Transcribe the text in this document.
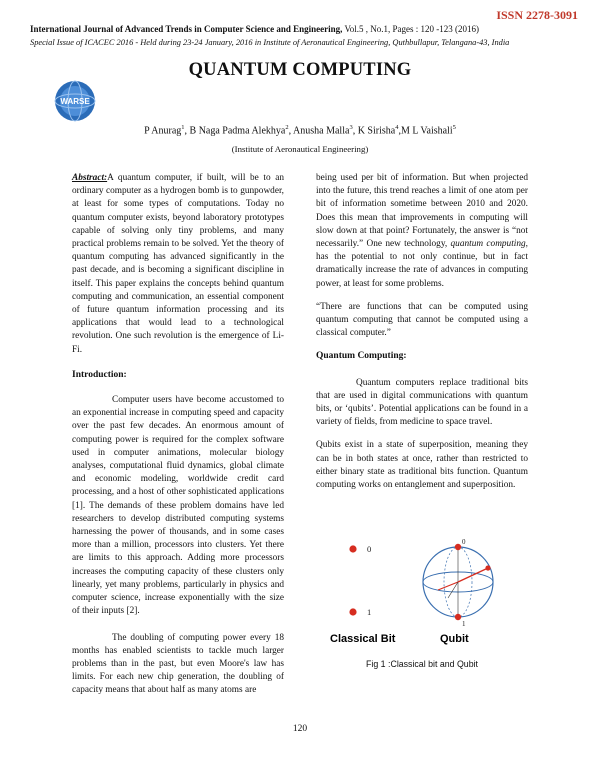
ISSN 2278-3091
International Journal of Advanced Trends in Computer Science and Engineering, Vol.5 , No.1, Pages : 120 -123 (2016)
Special Issue of ICACEC 2016 - Held during 23-24 January, 2016 in Institute of Aeronautical Engineering, Quthbullapur, Telangana-43, India
WARSE
QUANTUM COMPUTING
P Anurag$^1$, B Naga Padma Alekhya$^2$, Anusha Malla$^3$, K Sirisha$^4$,M L Vaishali$^5$
(Institute of Aeronautical Engineering)

Abstract:A quantum computer, if built, will be to an ordinary computer as a hydrogen bomb is to gunpowder, at least for some types of computations. Today no quantum computer exists, beyond laboratory prototypes capable of solving only tiny problems, and many practical problems remain to be solved. Yet the theory of quantum computing has advanced significantly in the past decade, and is becoming a significant discipline in itself. This paper explains the concepts behind quantum computing and communication, an essential component of future quantum information processing and its applications that would lead to a technological revolution. One such revolution is the emergence of Li-Fi.

Introduction:

Computer users have become accustomed to an exponential increase in computing speed and capacity over the past few decades. An enormous amount of computing power is required for the complex software used in computer animations, molecular biology analyses, computational fluid dynamics, global climate and economic modeling, worldwide credit card processing, and a host of other sophisticated applications [1]. The demands of these problem domains have led researchers to develop distributed computing systems harnessing the power of thousands, and in some cases more than a million, processors into clusters. Yet there are limits to this approach. Adding more processors increases the computing capacity of these clusters only linearly, yet many problems, particularly in physics and computer science, increase exponentially with the size of their inputs [2].

The doubling of computing power every 18 months has enabled scientists to tackle much larger problems than in the past, but even Moore's law has limits. For each new chip generation, the doubling of capacity means that about half as many atoms are

being used per bit of information. But when projected into the future, this trend reaches a limit of one atom per bit of information sometime between 2010 and 2020. Does this mean that improvements in computing will slow down at that point? Fortunately, the answer is “not necessarily.” One new technology, quantum computing, has the potential to not only continue, but in fact dramatically increase the rate of advances in computing power, at least for some problems.

“There are functions that can be computed using quantum computing that cannot be computed using a classical computer.”

Quantum Computing:

Quantum computers replace traditional bits that are used in digital communications with quantum bits, or ‘qubits’. Potential applications can be found in a variety of fields, from medicine to space travel.

Qubits exist in a state of superposition, meaning they can be in both states at once, rather than restricted to either binary state as traditional bits function. Quantum computing works on entanglement and superposition.

0
1
0
1
Classical Bit	Qubit
Fig 1 :Classical bit and Qubit
120
